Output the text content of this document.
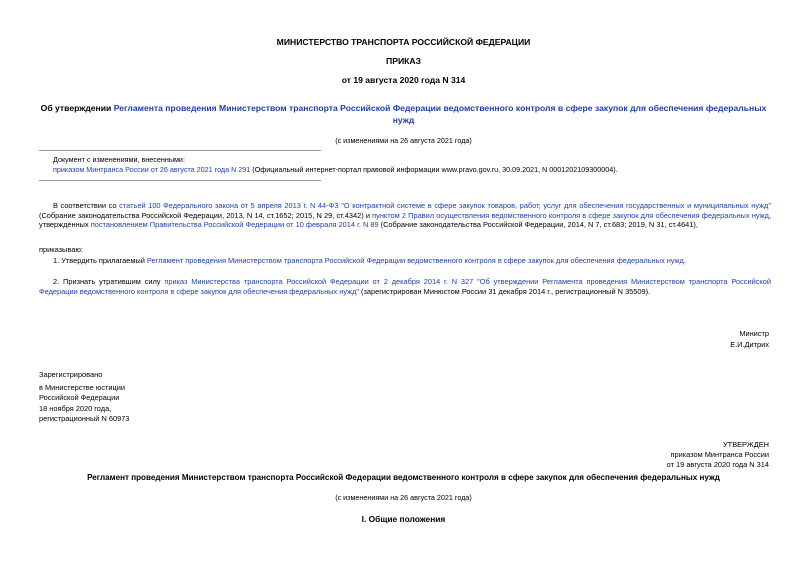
МИНИСТЕРСТВО ТРАНСПОРТА РОССИЙСКОЙ ФЕДЕРАЦИИ
ПРИКАЗ
от 19 августа 2020 года N 314
Об утверждении Регламента проведения Министерством транспорта Российской Федерации ведомственного контроля в сфере закупок для обеспечения федеральных нужд
(с изменениями на 26 августа 2021 года)
Документ с изменениями, внесенными:
приказом Минтранса России от 26 августа 2021 года N 291 (Официальный интернет-портал правовой информации www.pravo.gov.ru, 30.09.2021, N 0001202109300004).
В соответствии со статьей 100 Федерального закона от 5 апреля 2013 г. N 44-ФЗ "О контрактной системе в сфере закупок товаров, работ, услуг для обеспечения государственных и муниципальных нужд" (Собрание законодательства Российской Федерации, 2013, N 14, ст.1652; 2015, N 29, ст.4342) и пунктом 2 Правил осуществления ведомственного контроля в сфере закупок для обеспечения федеральных нужд, утвержденных постановлением Правительства Российской Федерации от 10 февраля 2014 г. N 89 (Собрание законодательства Российской Федерации, 2014, N 7, ст.683; 2019, N 31, ст.4641),
приказываю:
1. Утвердить прилагаемый Регламент проведения Министерством транспорта Российской Федерации ведомственного контроля в сфере закупок для обеспечения федеральных нужд.
2. Признать утратившим силу приказ Министерства транспорта Российской Федерации от 2 декабря 2014 г. N 327 "Об утверждении Регламента проведения Министерством транспорта Российской Федерации ведомственного контроля в сфере закупок для обеспечения федеральных нужд" (зарегистрирован Минюстом России 31 декабря 2014 г., регистрационный N 35509).
Министр
Е.И.Дитрих
Зарегистрировано
в Министерстве юстиции
Российской Федерации
18 ноября 2020 года,
регистрационный N 60973
УТВЕРЖДЕН
приказом Минтранса России
от 19 августа 2020 года N 314
Регламент проведения Министерством транспорта Российской Федерации ведомственного контроля в сфере закупок для обеспечения федеральных нужд
(с изменениями на 26 августа 2021 года)
I. Общие положения
